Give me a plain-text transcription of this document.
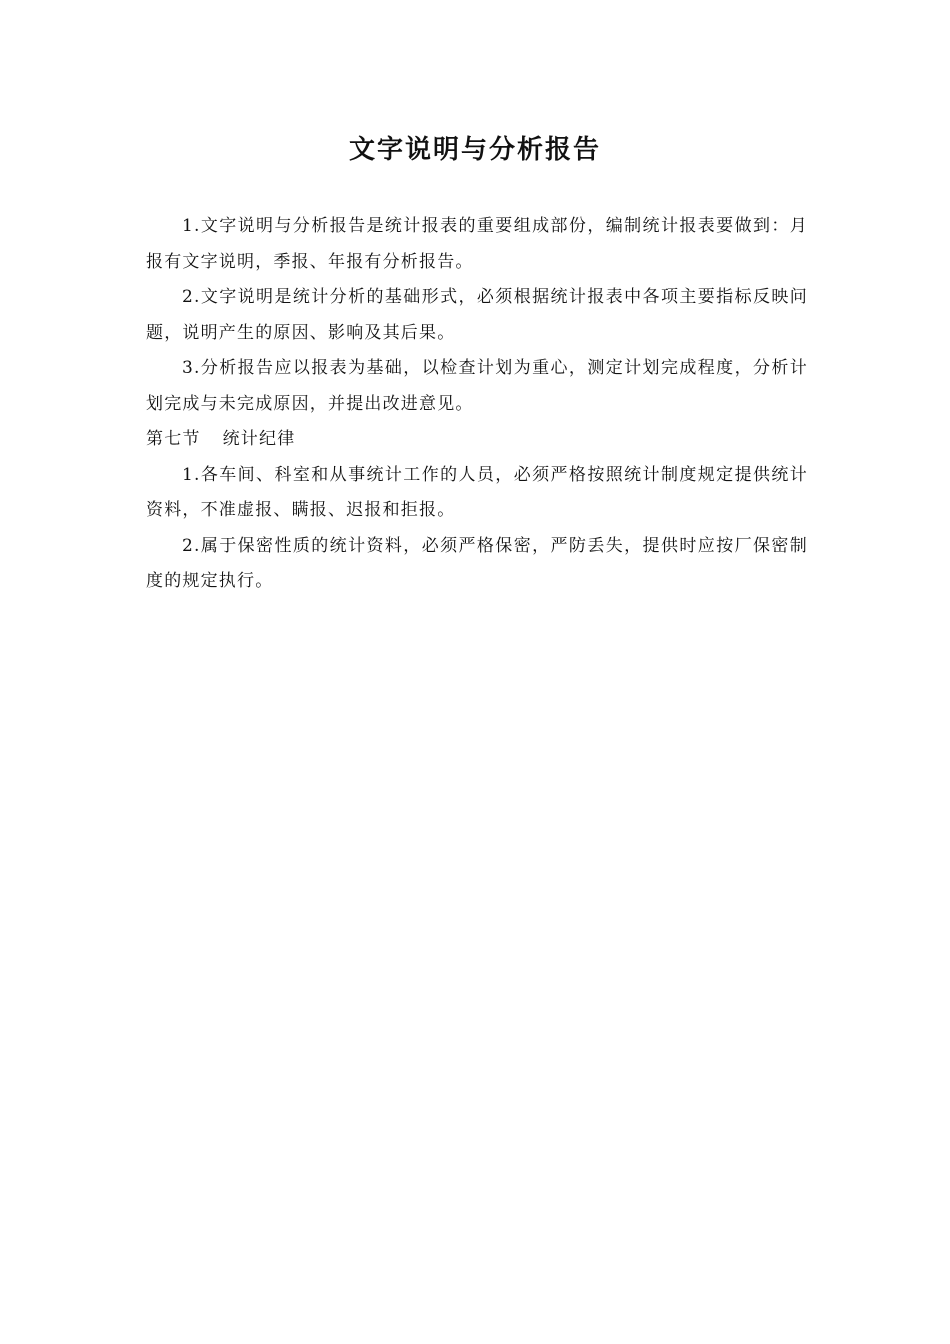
文字说明与分析报告

1.文字说明与分析报告是统计报表的重要组成部份，编制统计报表要做到：月报有文字说明，季报、年报有分析报告。

2.文字说明是统计分析的基础形式，必须根据统计报表中各项主要指标反映问题，说明产生的原因、影响及其后果。

3.分析报告应以报表为基础，以检查计划为重心，测定计划完成程度，分析计划完成与未完成原因，并提出改进意见。

第七节 统计纪律

1.各车间、科室和从事统计工作的人员，必须严格按照统计制度规定提供统计资料，不准虚报、瞒报、迟报和拒报。

2.属于保密性质的统计资料，必须严格保密，严防丢失，提供时应按厂保密制度的规定执行。
